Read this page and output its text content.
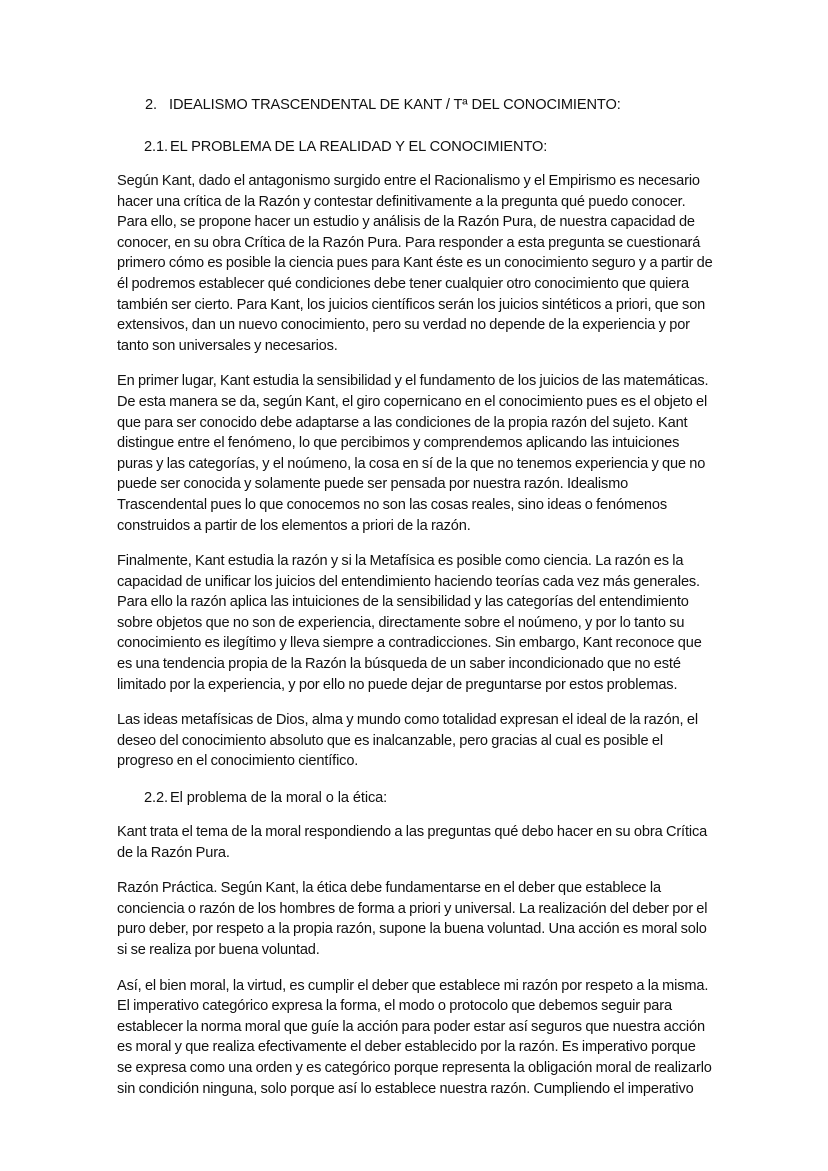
2. IDEALISMO TRASCENDENTAL DE KANT / Tª DEL CONOCIMIENTO:
2.1. EL PROBLEMA DE LA REALIDAD Y EL CONOCIMIENTO:

Según Kant, dado el antagonismo surgido entre el Racionalismo y el Empirismo es necesario hacer una crítica de la Razón y contestar definitivamente a la pregunta qué puedo conocer. Para ello, se propone hacer un estudio y análisis de la Razón Pura, de nuestra capacidad de conocer, en su obra Crítica de la Razón Pura. Para responder a esta pregunta se cuestionará primero cómo es posible la ciencia pues para Kant éste es un conocimiento seguro y a partir de él podremos establecer qué condiciones debe tener cualquier otro conocimiento que quiera también ser cierto. Para Kant, los juicios científicos serán los juicios sintéticos a priori, que son extensivos, dan un nuevo conocimiento, pero su verdad no depende de la experiencia y por tanto son universales y necesarios.

En primer lugar, Kant estudia la sensibilidad y el fundamento de los juicios de las matemáticas. De esta manera se da, según Kant, el giro copernicano en el conocimiento pues es el objeto el que para ser conocido debe adaptarse a las condiciones de la propia razón del sujeto. Kant distingue entre el fenómeno, lo que percibimos y comprendemos aplicando las intuiciones puras y las categorías, y el noúmeno, la cosa en sí de la que no tenemos experiencia y que no puede ser conocida y solamente puede ser pensada por nuestra razón. Idealismo Trascendental pues lo que conocemos no son las cosas reales, sino ideas o fenómenos construidos a partir de los elementos a priori de la razón.

Finalmente, Kant estudia la razón y si la Metafísica es posible como ciencia. La razón es la capacidad de unificar los juicios del entendimiento haciendo teorías cada vez más generales. Para ello la razón aplica las intuiciones de la sensibilidad y las categorías del entendimiento sobre objetos que no son de experiencia, directamente sobre el noúmeno, y por lo tanto su conocimiento es ilegítimo y lleva siempre a contradicciones. Sin embargo, Kant reconoce que es una tendencia propia de la Razón la búsqueda de un saber incondicionado que no esté limitado por la experiencia, y por ello no puede dejar de preguntarse por estos problemas.

Las ideas metafísicas de Dios, alma y mundo como totalidad expresan el ideal de la razón, el deseo del conocimiento absoluto que es inalcanzable, pero gracias al cual es posible el progreso en el conocimiento científico.

2.2. El problema de la moral o la ética:

Kant trata el tema de la moral respondiendo a las preguntas qué debo hacer en su obra Crítica de la Razón Pura.

Razón Práctica. Según Kant, la ética debe fundamentarse en el deber que establece la conciencia o razón de los hombres de forma a priori y universal. La realización del deber por el puro deber, por respeto a la propia razón, supone la buena voluntad. Una acción es moral solo si se realiza por buena voluntad.

Así, el bien moral, la virtud, es cumplir el deber que establece mi razón por respeto a la misma. El imperativo categórico expresa la forma, el modo o protocolo que debemos seguir para establecer la norma moral que guíe la acción para poder estar así seguros que nuestra acción es moral y que realiza efectivamente el deber establecido por la razón. Es imperativo porque se expresa como una orden y es categórico porque representa la obligación moral de realizarlo sin condición ninguna, solo porque así lo establece nuestra razón. Cumpliendo el imperativo
